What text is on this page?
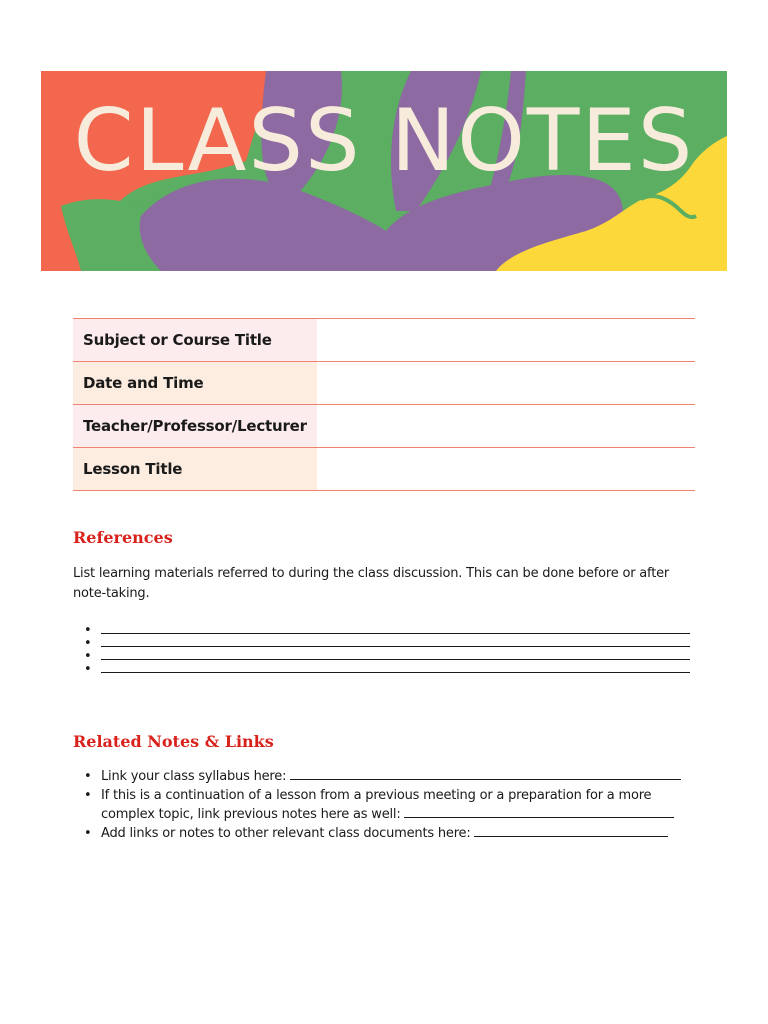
CLASS NOTES
Subject or Course Title	
Date and Time	
Teacher/Professor/Lecturer	
Lesson Title	
References

List learning materials referred to during the class discussion. This can be done before or after note-taking.

•
•
•
•
Related Notes & Links
• Link your class syllabus here:
• If this is a continuation of a lesson from a previous meeting or a preparation for a more complex topic, link previous notes here as well:
• Add links or notes to other relevant class documents here:
